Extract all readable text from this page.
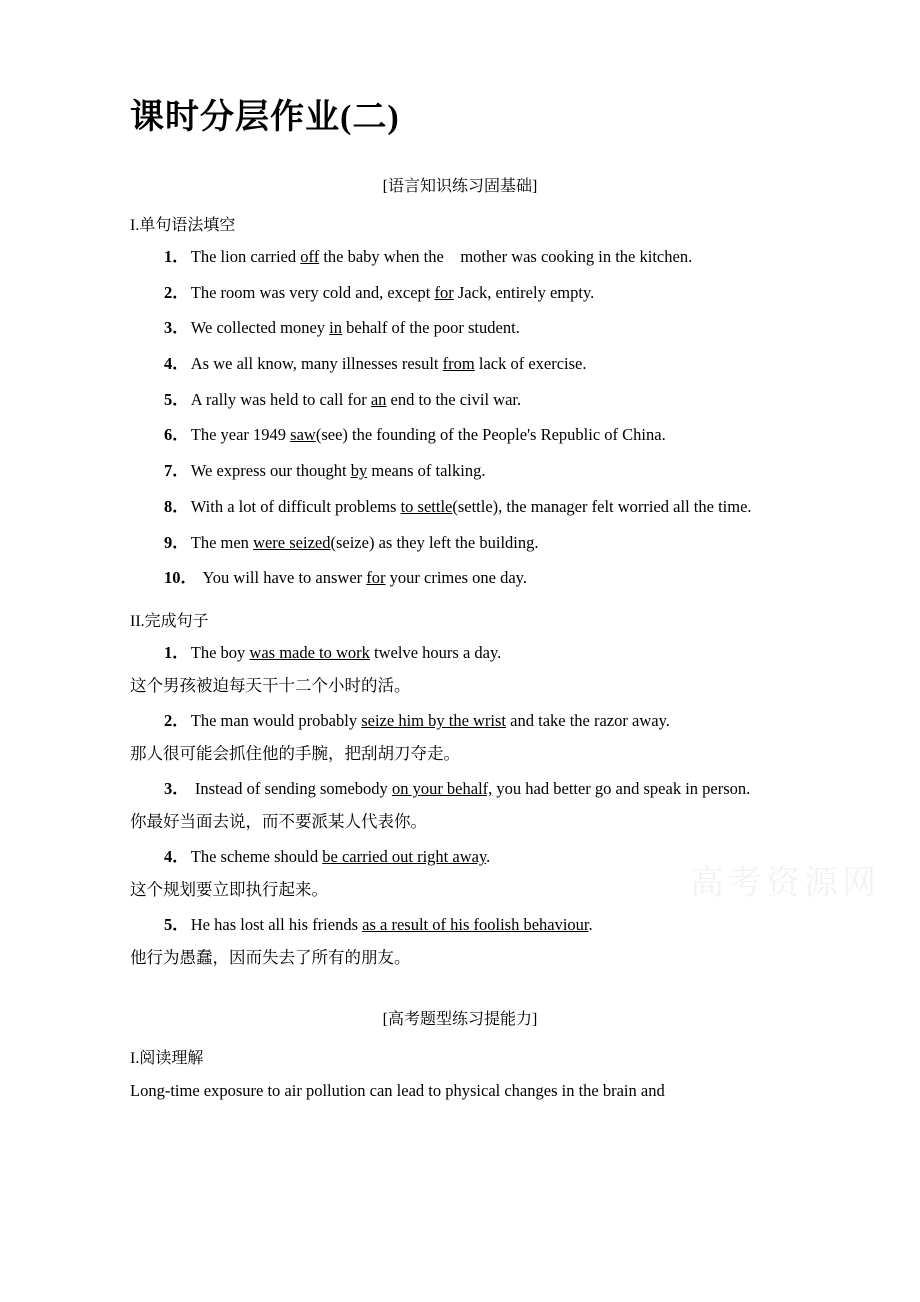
高考资源网
课时分层作业(二)
[语言知识练习固基础]
I.单句语法填空

1． The lion carried off the baby when the　mother was cooking in the kitchen.

2． The room was very cold and, except for Jack, entirely empty.

3． We collected money in behalf of the poor student.

4． As we all know, many illnesses result from lack of exercise.

5． A rally was held to call for an end to the civil war.

6． The year 1949 saw(see) the founding of the People's Republic of China.

7． We express our thought by means of talking.

8． With a lot of difficult problems to settle(settle), the manager felt worried all the time.

9． The men were seized(seize) as they left the building.

10． You will have to answer for your crimes one day.

II.完成句子

1． The boy was made to work twelve hours a day.

这个男孩被迫每天干十二个小时的活。

2． The man would probably seize him by the wrist and take the razor away.

那人很可能会抓住他的手腕，把刮胡刀夺走。

3． Instead of sending somebody on your behalf, you had better go and speak in person.

你最好当面去说，而不要派某人代表你。

4． The scheme should be carried out right away.

这个规划要立即执行起来。

5． He has lost all his friends as a result of his foolish behaviour.

他行为愚蠢，因而失去了所有的朋友。

[高考题型练习提能力]
I.阅读理解

Long-time exposure to air pollution can lead to physical changes in the brain and
